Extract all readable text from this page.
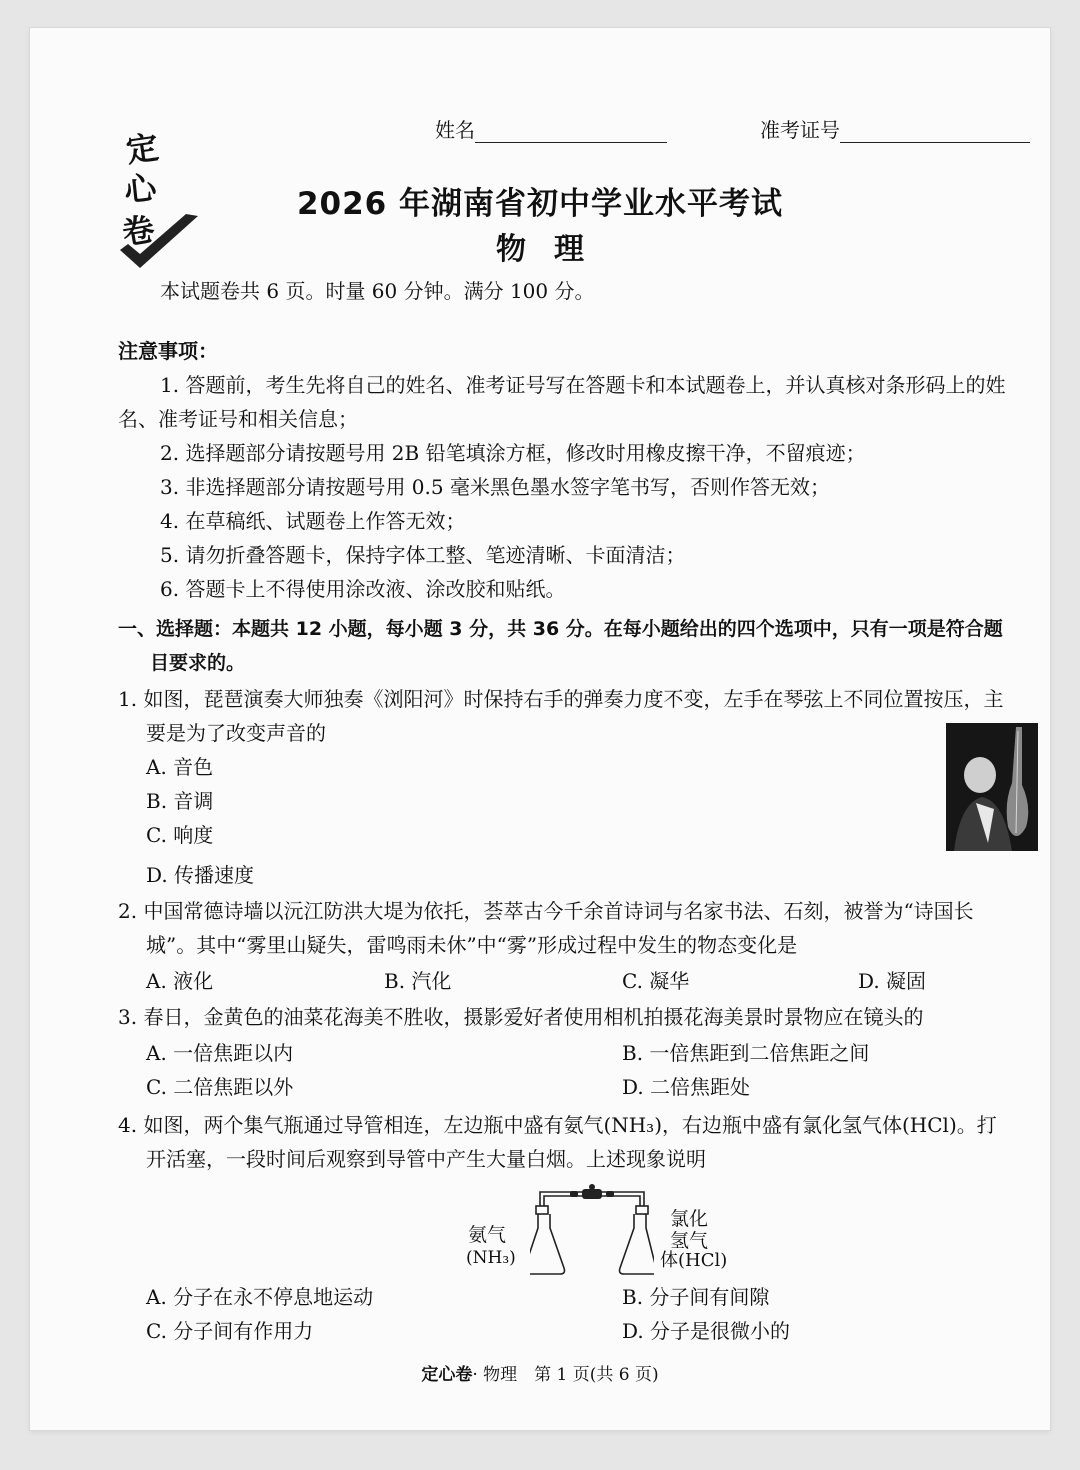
定
心
卷
姓名	准考证号
2026 年湖南省初中学业水平考试
物理
本试题卷共 6 页。时量 60 分钟。满分 100 分。
注意事项：
1. 答题前，考生先将自己的姓名、准考证号写在答题卡和本试题卷上，并认真核对条形码上的姓
名、准考证号和相关信息；
2. 选择题部分请按题号用 2B 铅笔填涂方框，修改时用橡皮擦干净，不留痕迹；
3. 非选择题部分请按题号用 0.5 毫米黑色墨水签字笔书写，否则作答无效；
4. 在草稿纸、试题卷上作答无效；
5. 请勿折叠答题卡，保持字体工整、笔迹清晰、卡面清洁；
6. 答题卡上不得使用涂改液、涂改胶和贴纸。
一、选择题：本题共 12 小题，每小题 3 分，共 36 分。在每小题给出的四个选项中，只有一项是符合题
目要求的。
1. 如图，琵琶演奏大师独奏《浏阳河》时保持右手的弹奏力度不变，左手在琴弦上不同位置按压，主
要是为了改变声音的
A. 音色
B. 音调
C. 响度
D. 传播速度
2. 中国常德诗墙以沅江防洪大堤为依托，荟萃古今千余首诗词与名家书法、石刻，被誉为“诗国长
城”。其中“雾里山疑失，雷鸣雨未休”中“雾”形成过程中发生的物态变化是
A. 液化	B. 汽化	C. 凝华	D. 凝固
3. 春日，金黄色的油菜花海美不胜收，摄影爱好者使用相机拍摄花海美景时景物应在镜头的
A. 一倍焦距以内	B. 一倍焦距到二倍焦距之间
C. 二倍焦距以外	D. 二倍焦距处
4. 如图，两个集气瓶通过导管相连，左边瓶中盛有氨气(NH₃)，右边瓶中盛有氯化氢气体(HCl)。打
开活塞，一段时间后观察到导管中产生大量白烟。上述现象说明
氨气
(NH₃)
氯化
氢气
体(HCl)
A. 分子在永不停息地运动	B. 分子间有间隙
C. 分子间有作用力	D. 分子是很微小的
定心卷· 物理　第 1 页(共 6 页)
